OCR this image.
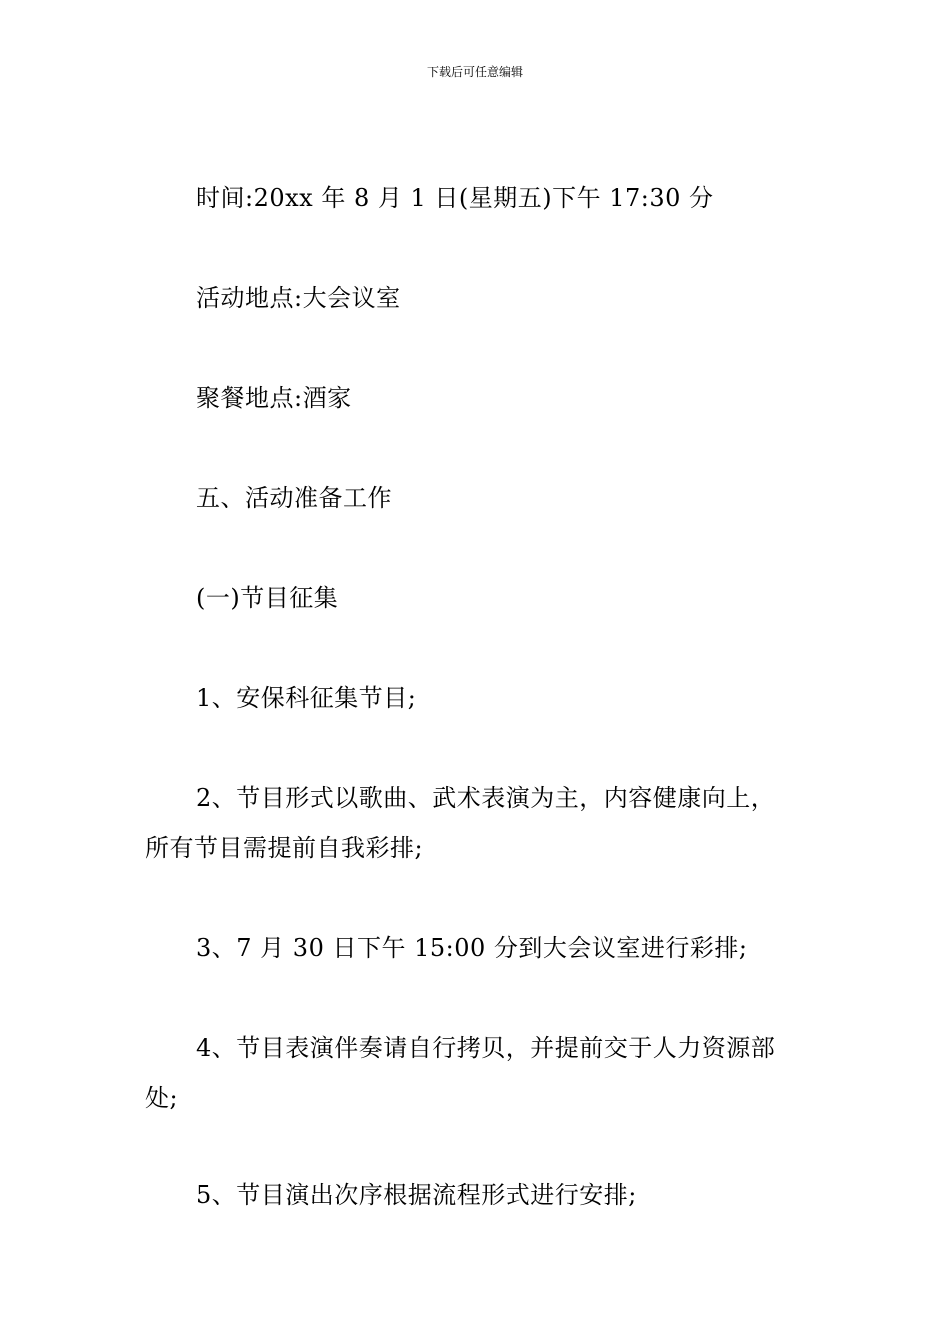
下载后可任意编辑
时间:20xx 年 8 月 1 日(星期五)下午 17:30 分
活动地点:大会议室
聚餐地点:酒家
五、活动准备工作
(一)节目征集
1、安保科征集节目;
2、节目形式以歌曲、武术表演为主，内容健康向上，
所有节目需提前自我彩排;
3、7 月 30 日下午 15:00 分到大会议室进行彩排;
4、节目表演伴奏请自行拷贝，并提前交于人力资源部
处;
5、节目演出次序根据流程形式进行安排;
